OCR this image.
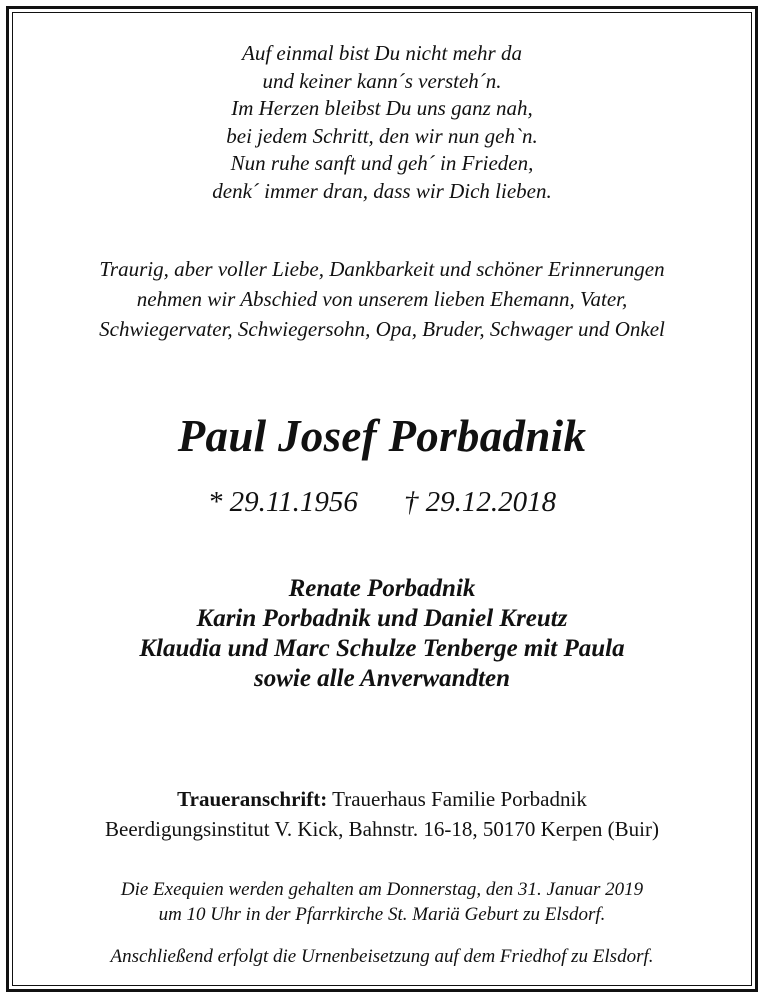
Auf einmal bist Du nicht mehr da
und keiner kann´s versteh´n.
Im Herzen bleibst Du uns ganz nah,
bei jedem Schritt, den wir nun geh`n.
Nun ruhe sanft und geh´ in Frieden,
denk´ immer dran, dass wir Dich lieben.
Traurig, aber voller Liebe, Dankbarkeit und schöner Erinnerungen
nehmen wir Abschied von unserem lieben Ehemann, Vater,
Schwiegervater, Schwiegersohn, Opa, Bruder, Schwager und Onkel
Paul Josef Porbadnik
* 29.11.1956 † 29.12.2018
Renate Porbadnik
Karin Porbadnik und Daniel Kreutz
Klaudia und Marc Schulze Tenberge mit Paula
sowie alle Anverwandten
Traueranschrift: Trauerhaus Familie Porbadnik
Beerdigungsinstitut V. Kick, Bahnstr. 16-18, 50170 Kerpen (Buir)
Die Exequien werden gehalten am Donnerstag, den 31. Januar 2019
um 10 Uhr in der Pfarrkirche St. Mariä Geburt zu Elsdorf.
Anschließend erfolgt die Urnenbeisetzung auf dem Friedhof zu Elsdorf.
